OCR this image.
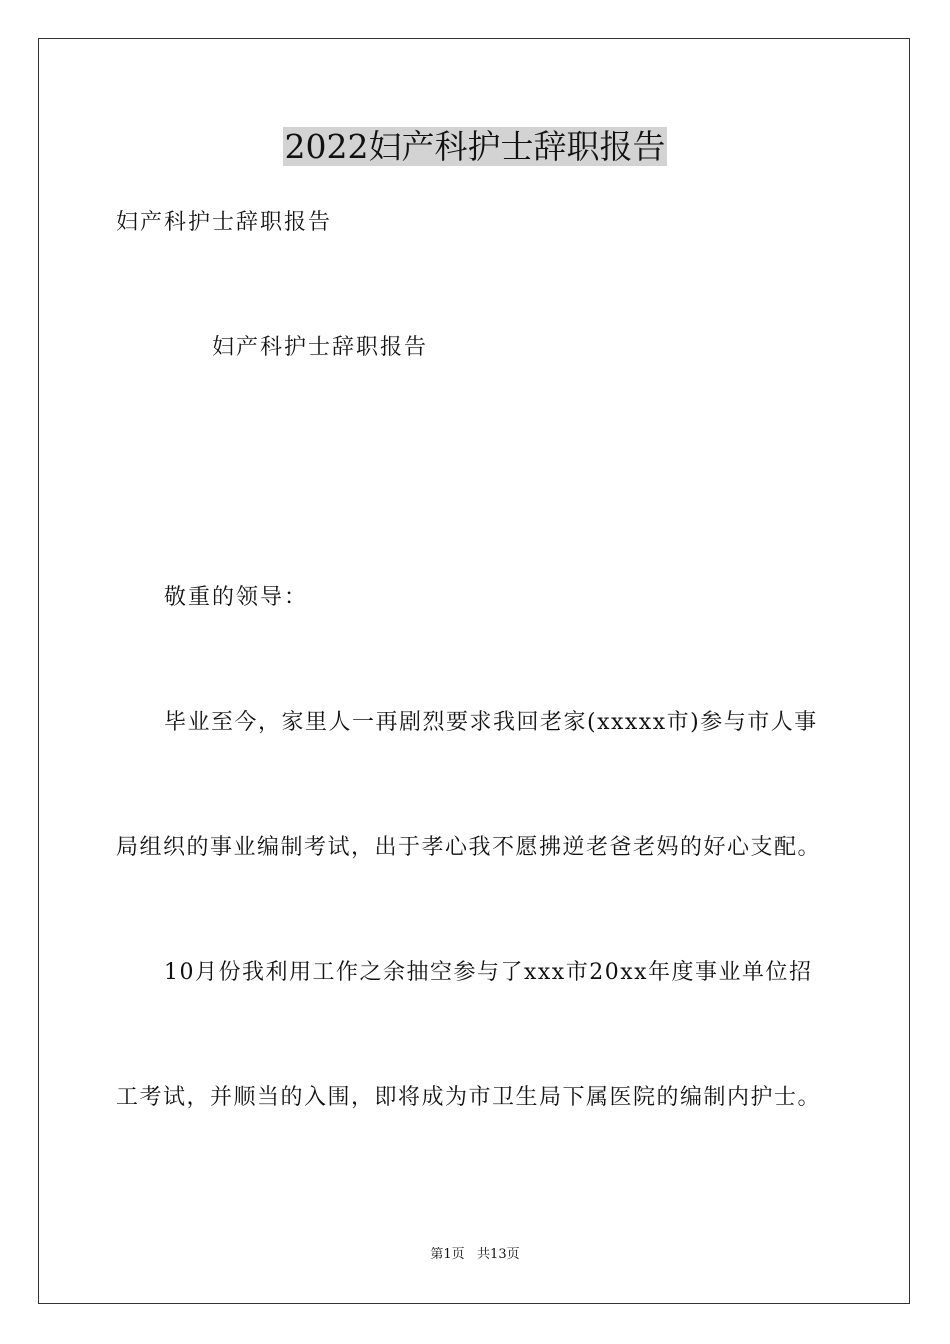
2022妇产科护士辞职报告
妇产科护士辞职报告
妇产科护士辞职报告
敬重的领导：
毕业至今，家里人一再剧烈要求我回老家(xxxxx市)参与市人事
局组织的事业编制考试，出于孝心我不愿拂逆老爸老妈的好心支配。
10月份我利用工作之余抽空参与了xxx市20xx年度事业单位招
工考试，并顺当的入围，即将成为市卫生局下属医院的编制内护士。
第1页   共13页
